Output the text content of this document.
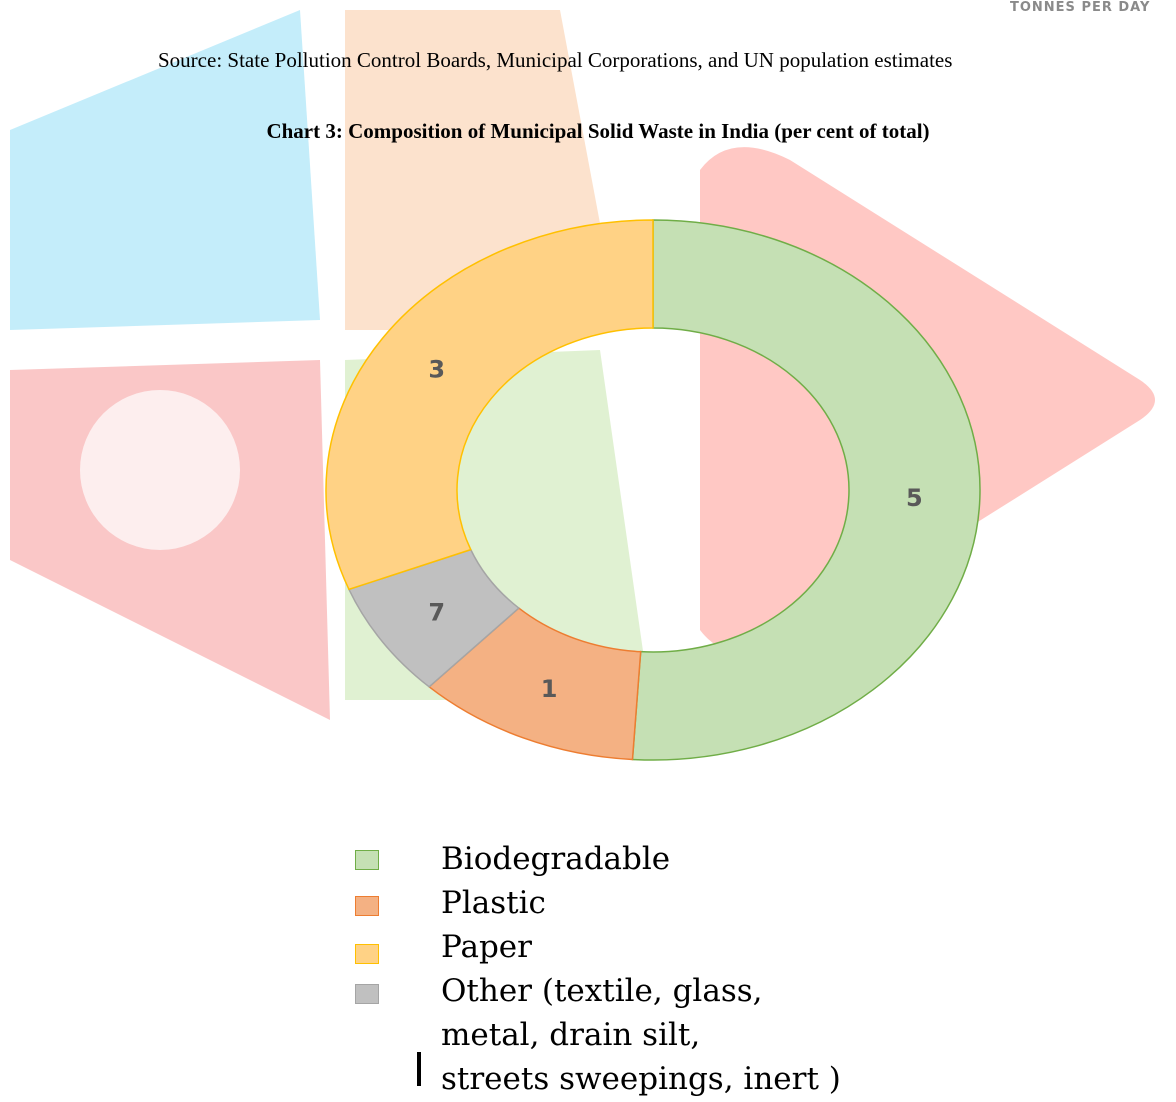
TONNES PER DAY
Source: State Pollution Control Boards, Municipal Corporations, and UN population estimates
Chart 3: Composition of Municipal Solid Waste in India (per cent of total)
5
1
7
3
Biodegradable
Plastic
Paper
Other (textile, glass,
metal, drain silt,
streets sweepings, inert )
